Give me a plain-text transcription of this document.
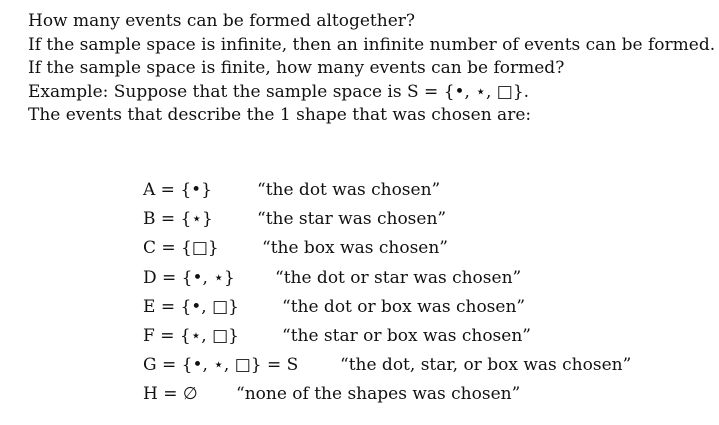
How many events can be formed altogether?
If the sample space is infinite, then an infinite number of events can be formed.
If the sample space is finite, how many events can be formed?
Example: Suppose that the sample space is S = {•, ⋆, □}.
The events that describe the 1 shape that was chosen are:
A = {•}	“the dot was chosen”
B = {⋆}	“the star was chosen”
C = {□}	“the box was chosen”
D = {•, ⋆} “the dot or star was chosen”
E = {•, □}	“the dot or box was chosen”
F = {⋆, □}	“the star or box was chosen”
G = {•, ⋆, □} = S “the dot, star, or box was chosen”
H = ∅ “none of the shapes was chosen”
